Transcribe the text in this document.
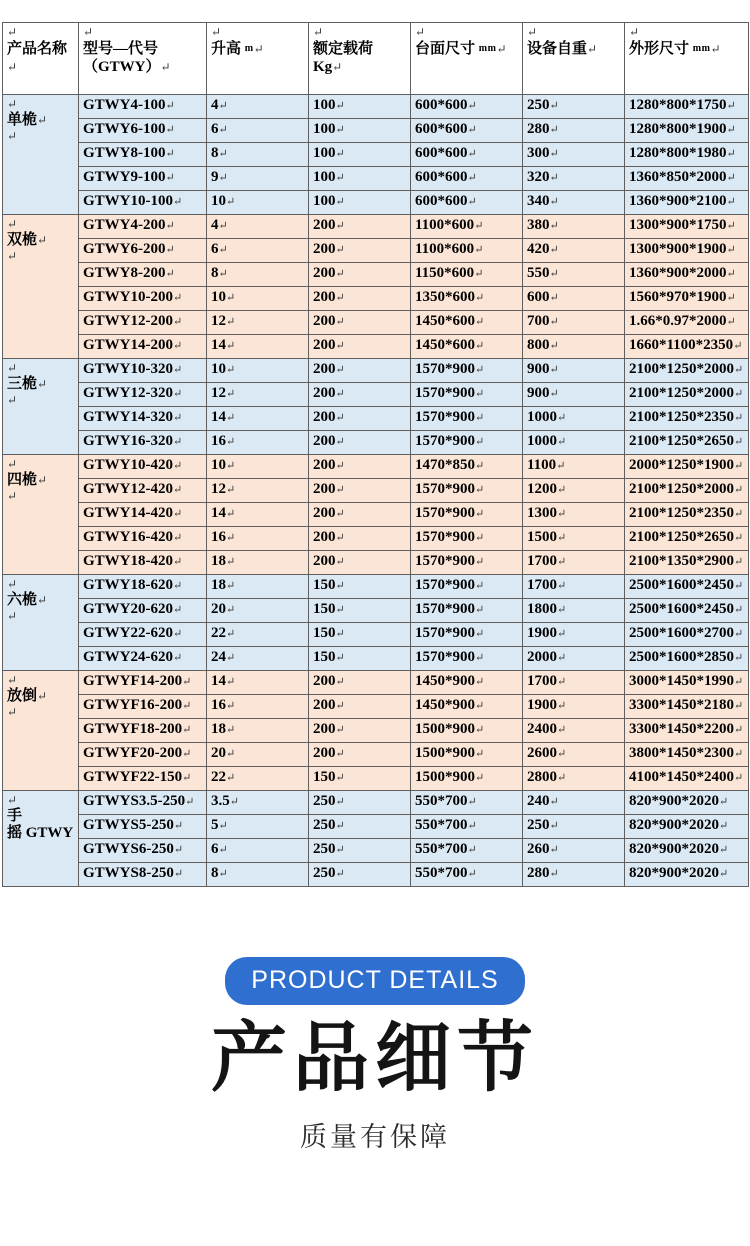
↵
产品名称↵	↵
型号—代号
（GTWY）↵	↵
升高 m↵	↵
额定载荷
Kg↵	↵
台面尺寸 mm↵	↵
设备自重↵	↵
外形尺寸 mm↵

↵
单桅↵
↵	GTWY4-100↵	4↵	100↵	600*600↵	250↵	1280*800*1750↵
	GTWY6-100↵	6↵	100↵	600*600↵	280↵	1280*800*1900↵
	GTWY8-100↵	8↵	100↵	600*600↵	300↵	1280*800*1980↵
	GTWY9-100↵	9↵	100↵	600*600↵	320↵	1360*850*2000↵
	GTWY10-100↵	10↵	100↵	600*600↵	340↵	1360*900*2100↵

↵
双桅↵
↵	GTWY4-200↵	4↵	200↵	1100*600↵	380↵	1300*900*1750↵
	GTWY6-200↵	6↵	200↵	1100*600↵	420↵	1300*900*1900↵
	GTWY8-200↵	8↵	200↵	1150*600↵	550↵	1360*900*2000↵
	GTWY10-200↵	10↵	200↵	1350*600↵	600↵	1560*970*1900↵
	GTWY12-200↵	12↵	200↵	1450*600↵	700↵	1.66*0.97*2000↵
	GTWY14-200↵	14↵	200↵	1450*600↵	800↵	1660*1100*2350↵

↵
三桅↵
↵	GTWY10-320↵	10↵	200↵	1570*900↵	900↵	2100*1250*2000↵
	GTWY12-320↵	12↵	200↵	1570*900↵	900↵	2100*1250*2000↵
	GTWY14-320↵	14↵	200↵	1570*900↵	1000↵	2100*1250*2350↵
	GTWY16-320↵	16↵	200↵	1570*900↵	1000↵	2100*1250*2650↵

↵
四桅↵
↵	GTWY10-420↵	10↵	200↵	1470*850↵	1100↵	2000*1250*1900↵
	GTWY12-420↵	12↵	200↵	1570*900↵	1200↵	2100*1250*2000↵
	GTWY14-420↵	14↵	200↵	1570*900↵	1300↵	2100*1250*2350↵
	GTWY16-420↵	16↵	200↵	1570*900↵	1500↵	2100*1250*2650↵
	GTWY18-420↵	18↵	200↵	1570*900↵	1700↵	2100*1350*2900↵

↵
六桅↵
↵	GTWY18-620↵	18↵	150↵	1570*900↵	1700↵	2500*1600*2450↵
	GTWY20-620↵	20↵	150↵	1570*900↵	1800↵	2500*1600*2450↵
	GTWY22-620↵	22↵	150↵	1570*900↵	1900↵	2500*1600*2700↵
	GTWY24-620↵	24↵	150↵	1570*900↵	2000↵	2500*1600*2850↵

↵
放倒↵
↵	GTWYF14-200↵	14↵	200↵	1450*900↵	1700↵	3000*1450*1990↵
	GTWYF16-200↵	16↵	200↵	1450*900↵	1900↵	3300*1450*2180↵
	GTWYF18-200↵	18↵	200↵	1500*900↵	2400↵	3300*1450*2200↵
	GTWYF20-200↵	20↵	200↵	1500*900↵	2600↵	3800*1450*2300↵
	GTWYF22-150↵	22↵	150↵	1500*900↵	2800↵	4100*1450*2400↵

↵
手
摇 GTWY	GTWYS3.5-250↵	3.5↵	250↵	550*700↵	240↵	820*900*2020↵
	GTWYS5-250↵	5↵	250↵	550*700↵	250↵	820*900*2020↵
	GTWYS6-250↵	6↵	250↵	550*700↵	260↵	820*900*2020↵
	GTWYS8-250↵	8↵	250↵	550*700↵	280↵	820*900*2020↵
PRODUCT DETAILS
产品细节
质量有保障
